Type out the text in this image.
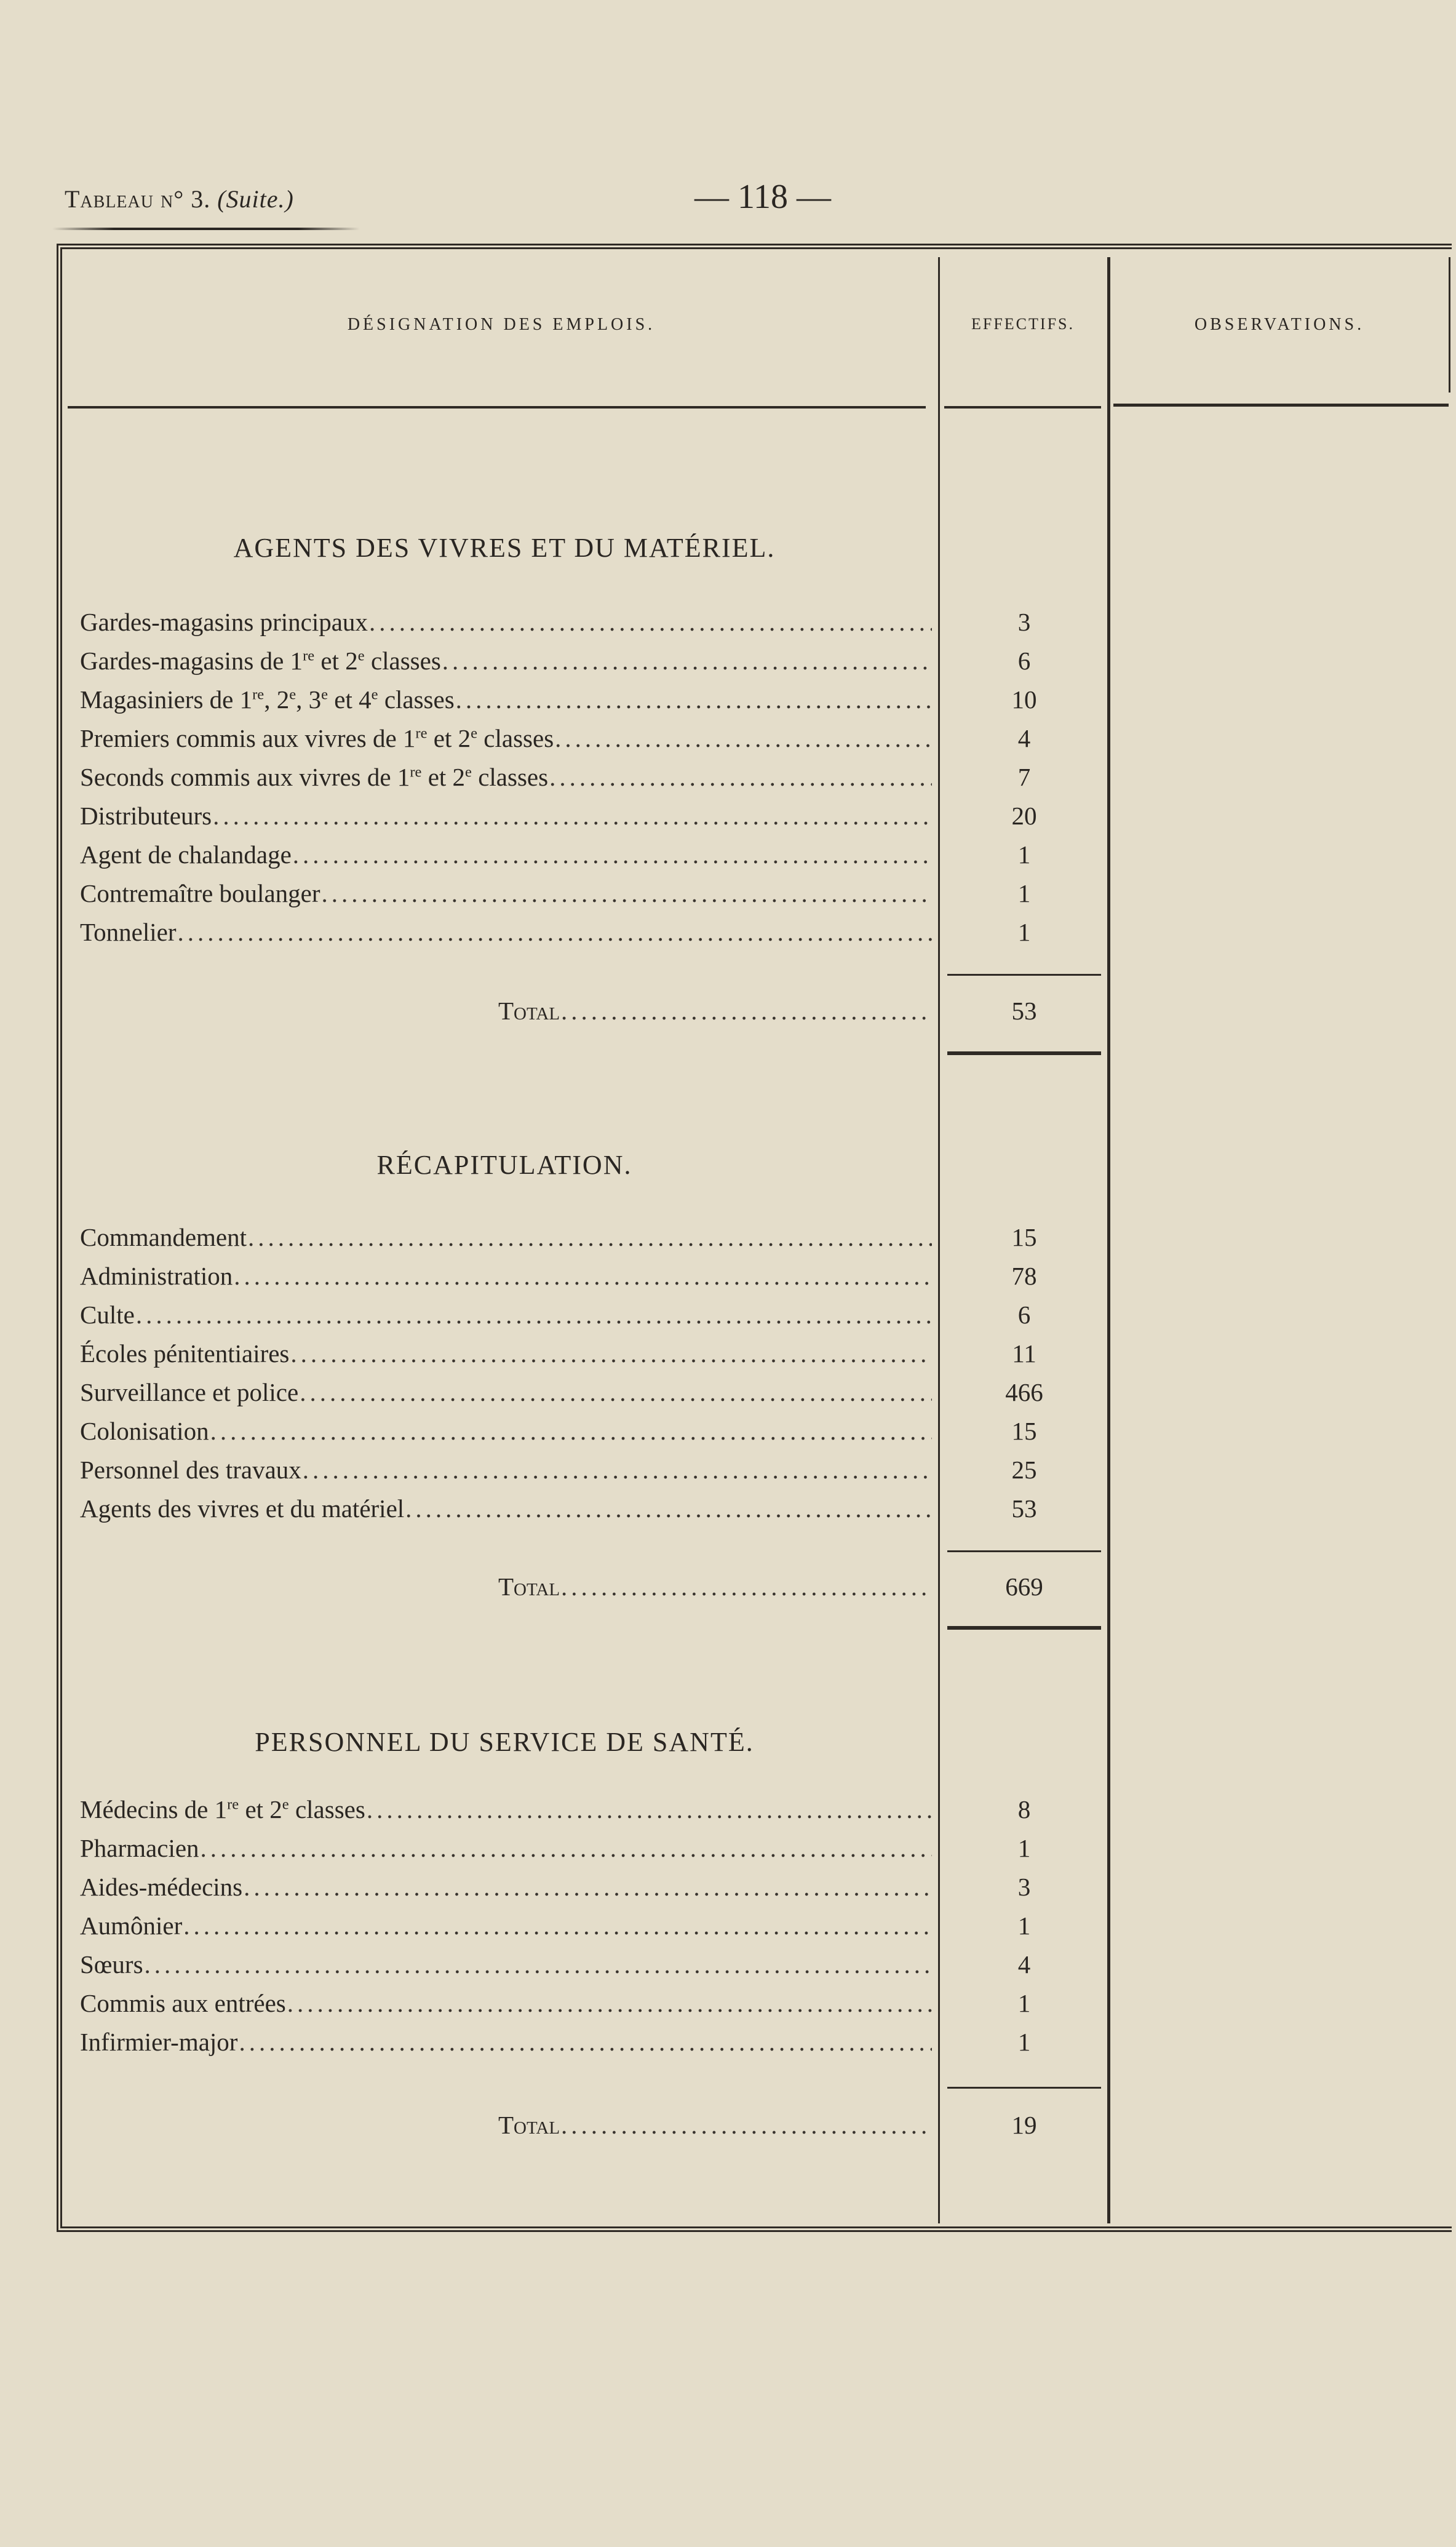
Tableau n° 3. (Suite.)	— 118 —
DÉSIGNATION DES EMPLOIS.	EFFECTIFS.	OBSERVATIONS.
AGENTS DES VIVRES ET DU MATÉRIEL.
Gardes-magasins principaux .....	3
Gardes-magasins de 1re et 2e classes .....	6
Magasiniers de 1re, 2e, 3e et 4e classes .....	10
Premiers commis aux vivres de 1re et 2e classes .....	4
Seconds commis aux vivres de 1re et 2e classes .....	7
Distributeurs .....	20
Agent de chalandage .....	1
Contremaître boulanger .....	1
Tonnelier .....	1
Total .....	53
RÉCAPITULATION.
Commandement .....	15
Administration .....	78
Culte .....	6
Écoles pénitentiaires .....	11
Surveillance et police .....	466
Colonisation .....	15
Personnel des travaux .....	25
Agents des vivres et du matériel .....	53
Total .....	669
PERSONNEL DU SERVICE DE SANTÉ.
Médecins de 1re et 2e classes .....	8
Pharmacien .....	1
Aides-médecins .....	3
Aumônier .....	1
Sœurs .....	4
Commis aux entrées .....	1
Infirmier-major .....	1
Total .....	19
